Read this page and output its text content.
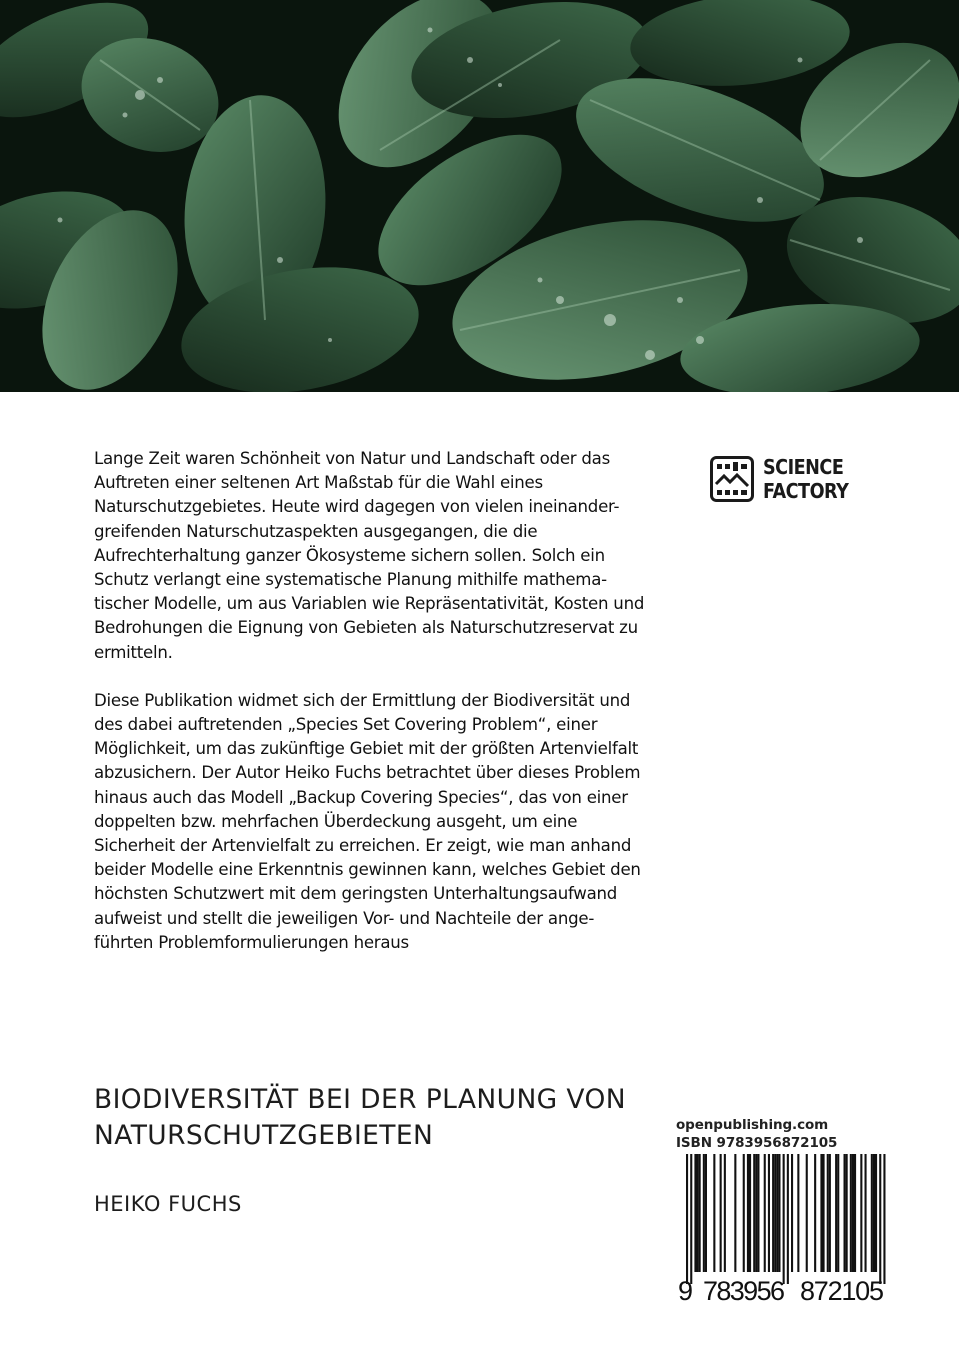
Lange Zeit waren Schönheit von Natur und Landschaft oder das
Auftreten einer seltenen Art Maßstab für die Wahl eines
Naturschutzgebietes. Heute wird dagegen von vielen ineinander-
greifenden Naturschutzaspekten ausgegangen, die die
Aufrechterhaltung ganzer Ökosysteme sichern sollen. Solch ein
Schutz verlangt eine systematische Planung mithilfe mathema-
tischer Modelle, um aus Variablen wie Repräsentativität, Kosten und
Bedrohungen die Eignung von Gebieten als Naturschutzreservat zu
ermitteln.

Diese Publikation widmet sich der Ermittlung der Biodiversität und
des dabei auftretenden „Species Set Covering Problem“, einer
Möglichkeit, um das zukünftige Gebiet mit der größten Artenvielfalt
abzusichern. Der Autor Heiko Fuchs betrachtet über dieses Problem
hinaus auch das Modell „Backup Covering Species“, das von einer
doppelten bzw. mehrfachen Überdeckung ausgeht, um eine
Sicherheit der Artenvielfalt zu erreichen. Er zeigt, wie man anhand
beider Modelle eine Erkenntnis gewinnen kann, welches Gebiet den
höchsten Schutzwert mit dem geringsten Unterhaltungsaufwand
aufweist und stellt die jeweiligen Vor- und Nachteile der ange-
führten Problemformulierungen heraus

SCIENCE
FACTORY
BIODIVERSITÄT BEI DER PLANUNG VON
NATURSCHUTZGEBIETEN
HEIKO FUCHS
openpublishing.com
ISBN 9783956872105
9 783956 872105
